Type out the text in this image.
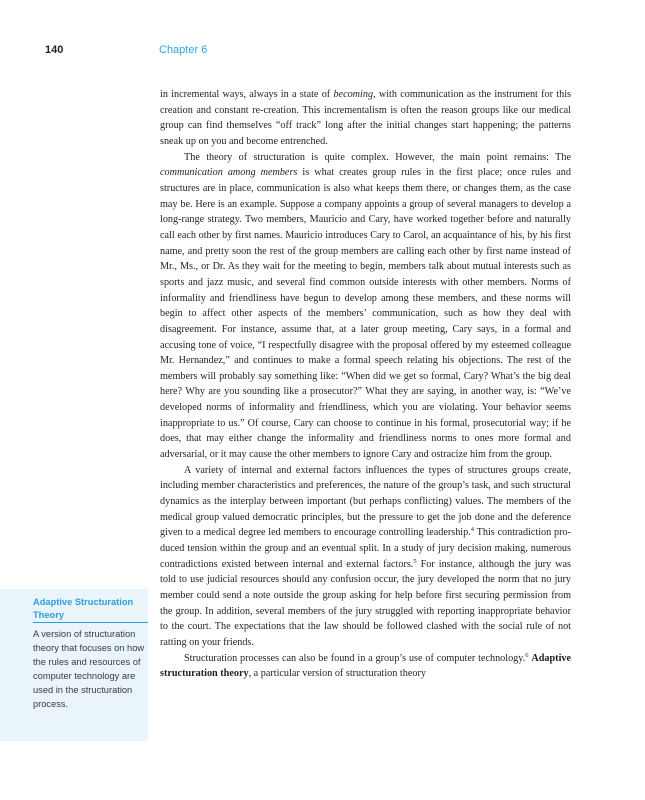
140	Chapter 6
Adaptive Structuration Theory
A version of structuration theory that focuses on how the rules and resources of computer technology are used in the structuration process.

in incremental ways, always in a state of becoming, with communication as the instrument for this creation and constant re-creation. This incrementalism is often the reason groups like our medical group can find themselves “off track” long after the initial changes start happening; the patterns sneak up on you and become entrenched.

The theory of structuration is quite complex. However, the main point remains: The communication among members is what creates group rules in the first place; once rules and structures are in place, communication is also what keeps them there, or changes them, as the case may be. Here is an example. Suppose a company appoints a group of several managers to develop a long-range strategy. Two members, Mauricio and Cary, have worked together before and naturally call each other by first names. Mauricio introduces Cary to Carol, an acquaintance of his, by his first name, and pretty soon the rest of the group members are calling each other by first name instead of Mr., Ms., or Dr. As they wait for the meeting to begin, members talk about mutual interests such as sports and jazz music, and several find common outside interests with other members. Norms of informality and friendliness have begun to develop among these members, and these norms will begin to affect other aspects of the members’ communication, such as how they deal with disagreement. For instance, assume that, at a later group meeting, Cary says, in a formal and accusing tone of voice, “I respectfully disagree with the proposal offered by my esteemed colleague Mr. Hernandez,” and continues to make a formal speech relating his objections. The rest of the members will probably say something like: “When did we get so formal, Cary? What’s the big deal here? Why are you sounding like a prosecutor?” What they are saying, in another way, is: “We’ve developed norms of informality and friendliness, which you are violating. Your behavior seems inappropriate to us.” Of course, Cary can choose to continue in his formal, prosecutorial way; if he does, that may either change the informality and friendliness norms to ones more formal and adversarial, or it may cause the other members to ignore Cary and ostracize him from the group.

A variety of internal and external factors influences the types of structures groups create, including member characteristics and preferences, the nature of the group’s task, and such structural dynamics as the interplay between important (but perhaps conflicting) values. The members of the medical group valued democratic principles, but the pressure to get the job done and the deference given to a medical degree led members to encourage controlling leadership.$^4$ This contradiction produced tension within the group and an eventual split. In a study of jury decision making, numerous contradictions existed between internal and external factors.$^5$ For instance, although the jury was told to use judicial resources should any confusion occur, the jury developed the norm that no jury member could send a note outside the group asking for help before first securing permission from the group. In addition, several members of the jury struggled with reporting inappropriate behavior to the court. The expectations that the law should be followed clashed with the social rule of not ratting on your friends.

Structuration processes can also be found in a group’s use of computer technology.$^6$ Adaptive structuration theory, a particular version of structuration theory
